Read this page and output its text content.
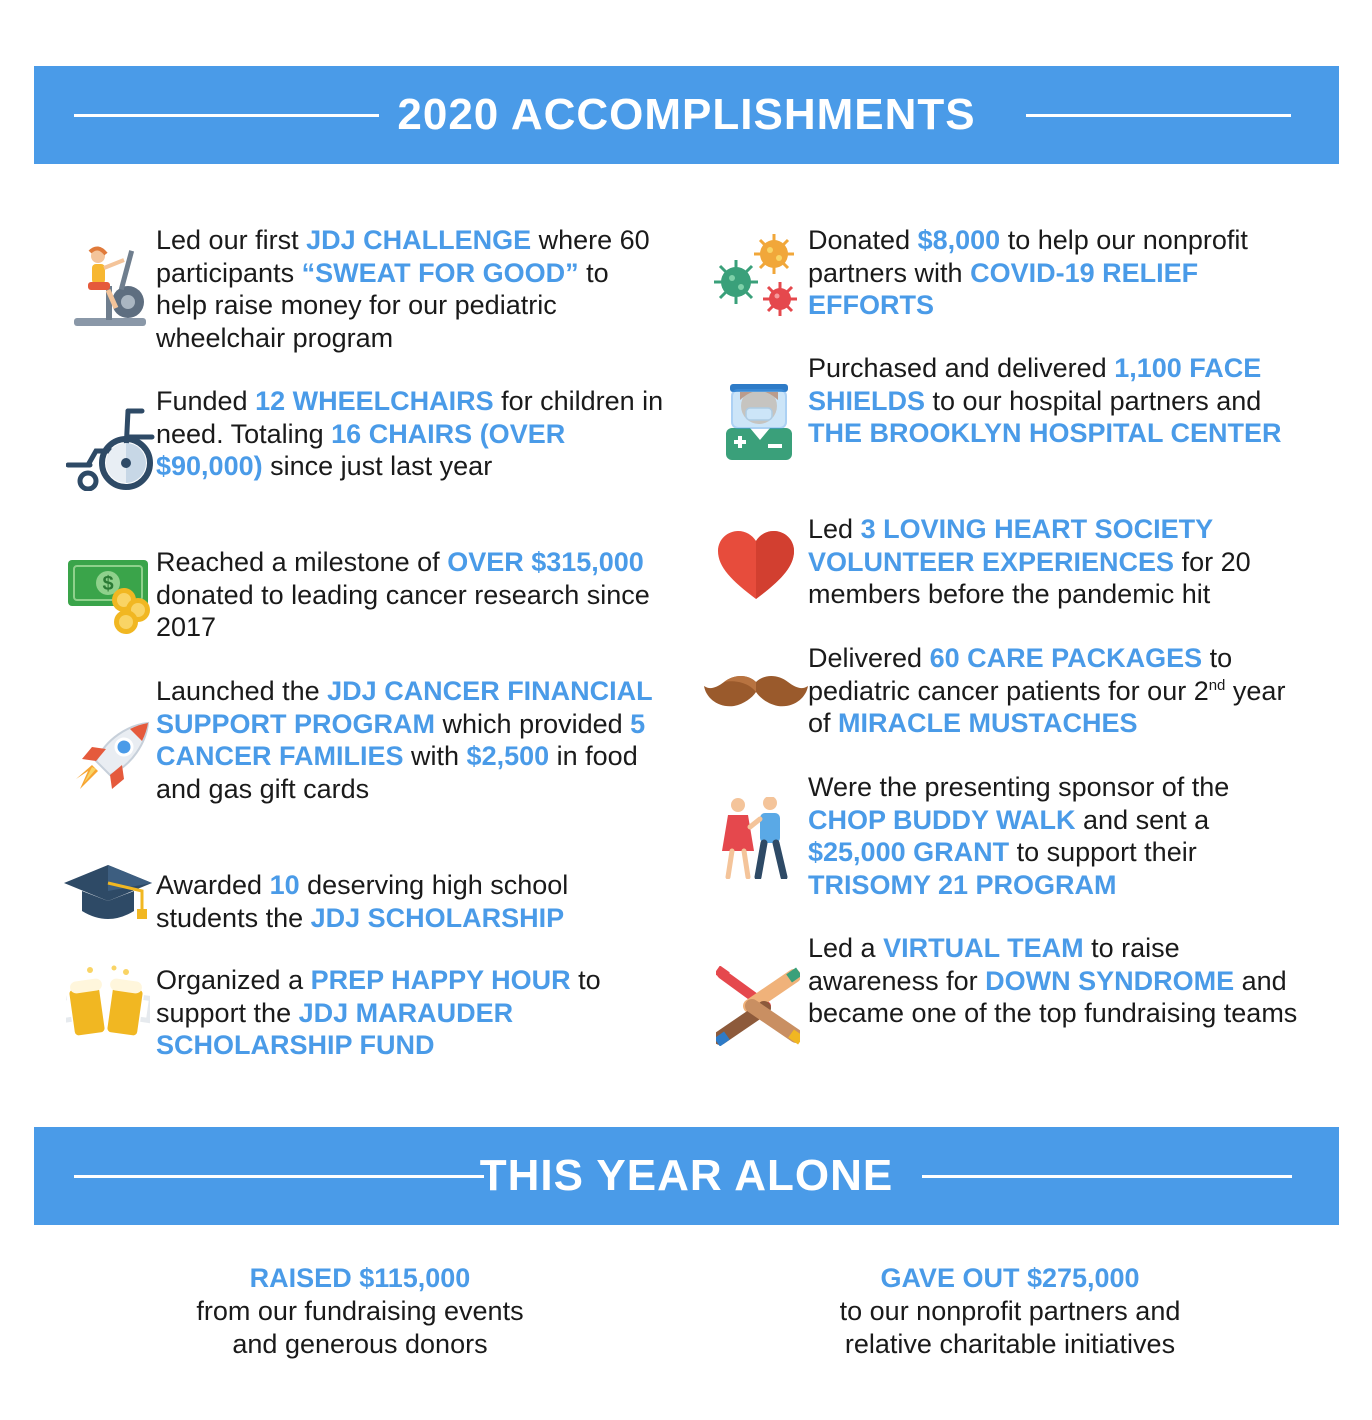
2020 ACCOMPLISHMENTS
Led our first JDJ CHALLENGE where 60 participants “SWEAT FOR GOOD” to help raise money for our pediatric wheelchair program
Funded 12 WHEELCHAIRS for children in need. Totaling 16 CHAIRS (OVER $90,000) since just last year
$
Reached a milestone of OVER $315,000 donated to leading cancer research since 2017
Launched the JDJ CANCER FINANCIAL SUPPORT PROGRAM which provided 5 CANCER FAMILIES with $2,500 in food and gas gift cards
Awarded 10 deserving high school students the JDJ SCHOLARSHIP
Organized a PREP HAPPY HOUR to support the JDJ MARAUDER SCHOLARSHIP FUND
Donated $8,000 to help our nonprofit partners with COVID-19 RELIEF EFFORTS
Purchased and delivered 1,100 FACE SHIELDS to our hospital partners and THE BROOKLYN HOSPITAL CENTER
Led 3 LOVING HEART SOCIETY VOLUNTEER EXPERIENCES for 20 members before the pandemic hit
Delivered 60 CARE PACKAGES to pediatric cancer patients for our 2nd year of MIRACLE MUSTACHES
Were the presenting sponsor of the CHOP BUDDY WALK and sent a $25,000 GRANT to support their TRISOMY 21 PROGRAM
Led a VIRTUAL TEAM to raise awareness for DOWN SYNDROME and became one of the top fundraising teams
THIS YEAR ALONE
RAISED $115,000
from our fundraising events
and generous donors
GAVE OUT $275,000
to our nonprofit partners and
relative charitable initiatives
